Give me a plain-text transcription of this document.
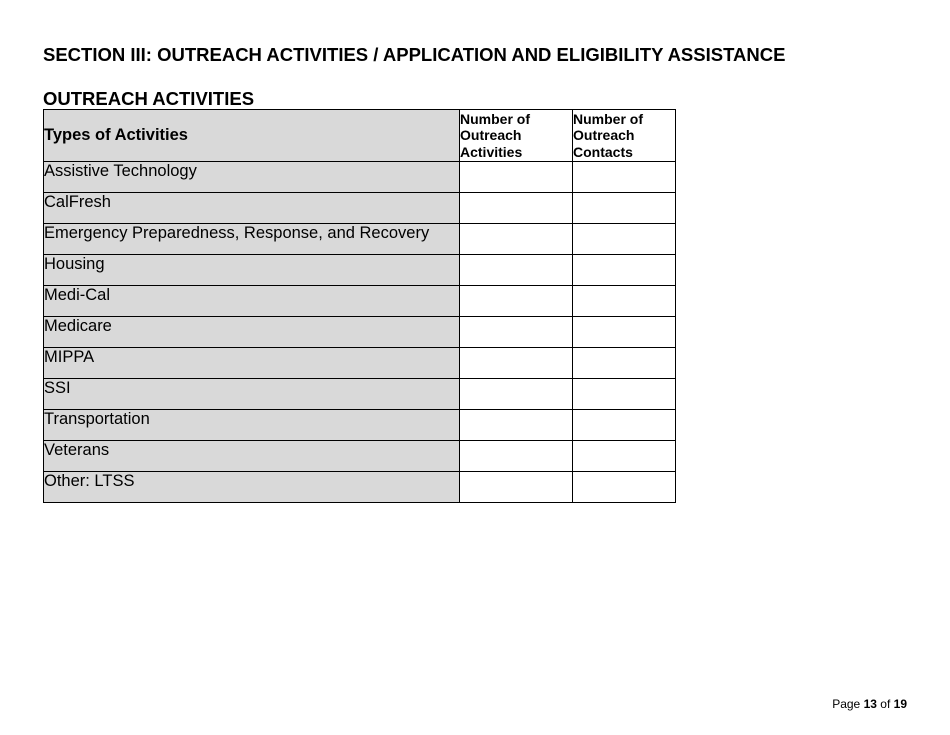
SECTION III: OUTREACH ACTIVITIES / APPLICATION AND ELIGIBILITY ASSISTANCE
OUTREACH ACTIVITIES
Types of Activities	Number of Outreach Activities	Number of Outreach Contacts
Assistive Technology		
CalFresh		
Emergency Preparedness, Response, and Recovery		
Housing		
Medi-Cal		
Medicare		
MIPPA		
SSI		
Transportation		
Veterans		
Other: LTSS		
Page 13 of 19
